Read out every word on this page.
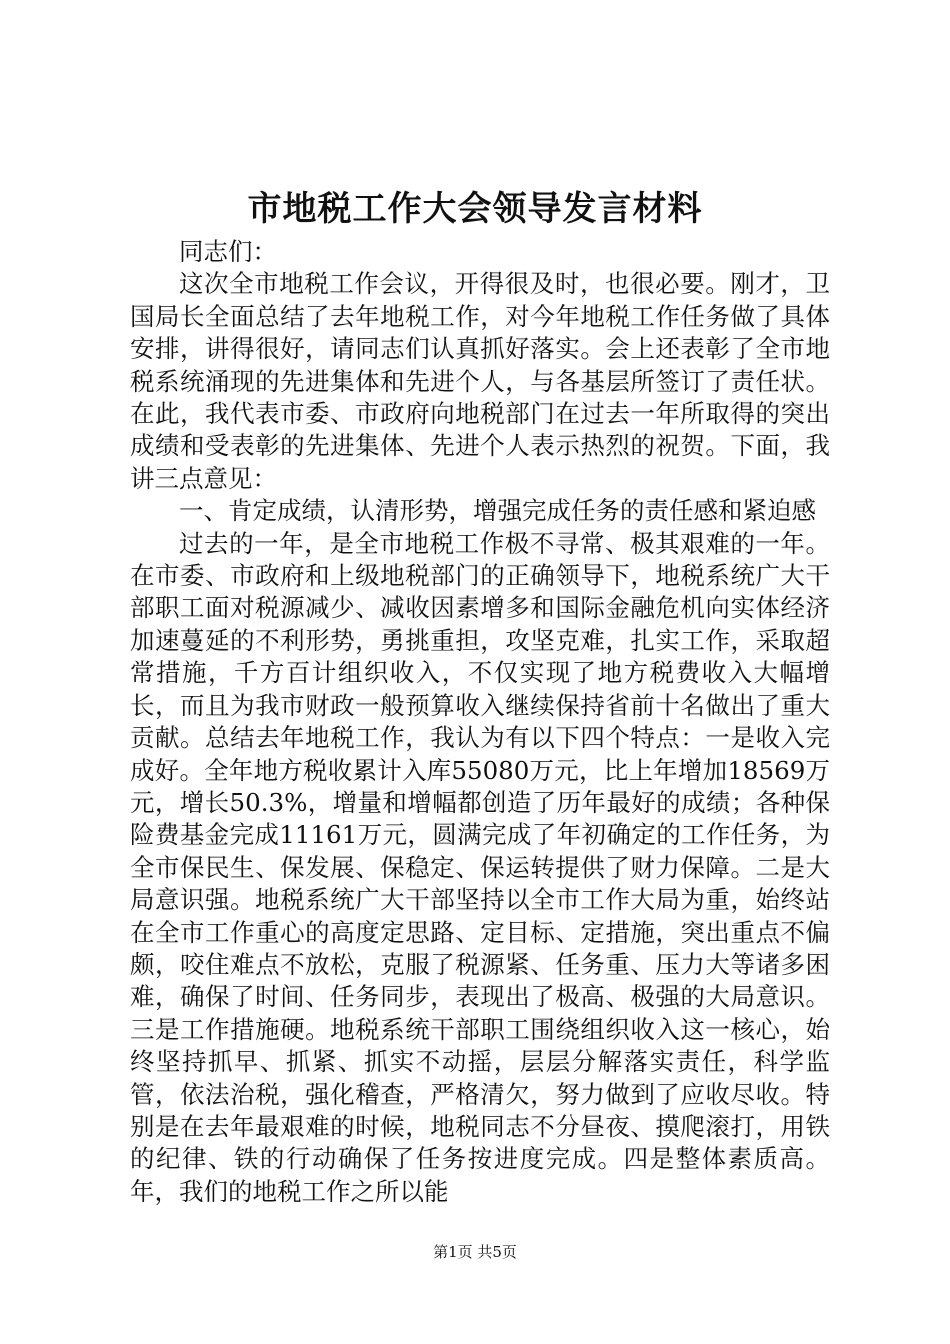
市地税工作大会领导发言材料

同志们：

这次全市地税工作会议，开得很及时，也很必要。刚才，卫国局长全面总结了去年地税工作，对今年地税工作任务做了具体安排，讲得很好，请同志们认真抓好落实。会上还表彰了全市地税系统涌现的先进集体和先进个人，与各基层所签订了责任状。在此，我代表市委、市政府向地税部门在过去一年所取得的突出成绩和受表彰的先进集体、先进个人表示热烈的祝贺。下面，我讲三点意见：

一、肯定成绩，认清形势，增强完成任务的责任感和紧迫感

过去的一年，是全市地税工作极不寻常、极其艰难的一年。在市委、市政府和上级地税部门的正确领导下，地税系统广大干部职工面对税源减少、减收因素增多和国际金融危机向实体经济加速蔓延的不利形势，勇挑重担，攻坚克难，扎实工作，采取超常措施，千方百计组织收入，不仅实现了地方税费收入大幅增长，而且为我市财政一般预算收入继续保持省前十名做出了重大贡献。总结去年地税工作，我认为有以下四个特点：一是收入完成好。全年地方税收累计入库55080万元，比上年增加18569万元，增长50.3%，增量和增幅都创造了历年最好的成绩；各种保险费基金完成11161万元，圆满完成了年初确定的工作任务，为全市保民生、保发展、保稳定、保运转提供了财力保障。二是大局意识强。地税系统广大干部坚持以全市工作大局为重，始终站在全市工作重心的高度定思路、定目标、定措施，突出重点不偏颇，咬住难点不放松，克服了税源紧、任务重、压力大等诸多困难，确保了时间、任务同步，表现出了极高、极强的大局意识。三是工作措施硬。地税系统干部职工围绕组织收入这一核心，始终坚持抓早、抓紧、抓实不动摇，层层分解落实责任，科学监管，依法治税，强化稽查，严格清欠，努力做到了应收尽收。特别是在去年最艰难的时候，地税同志不分昼夜、摸爬滚打，用铁的纪律、铁的行动确保了任务按进度完成。四是整体素质高。年，我们的地税工作之所以能

第1页 共5页
